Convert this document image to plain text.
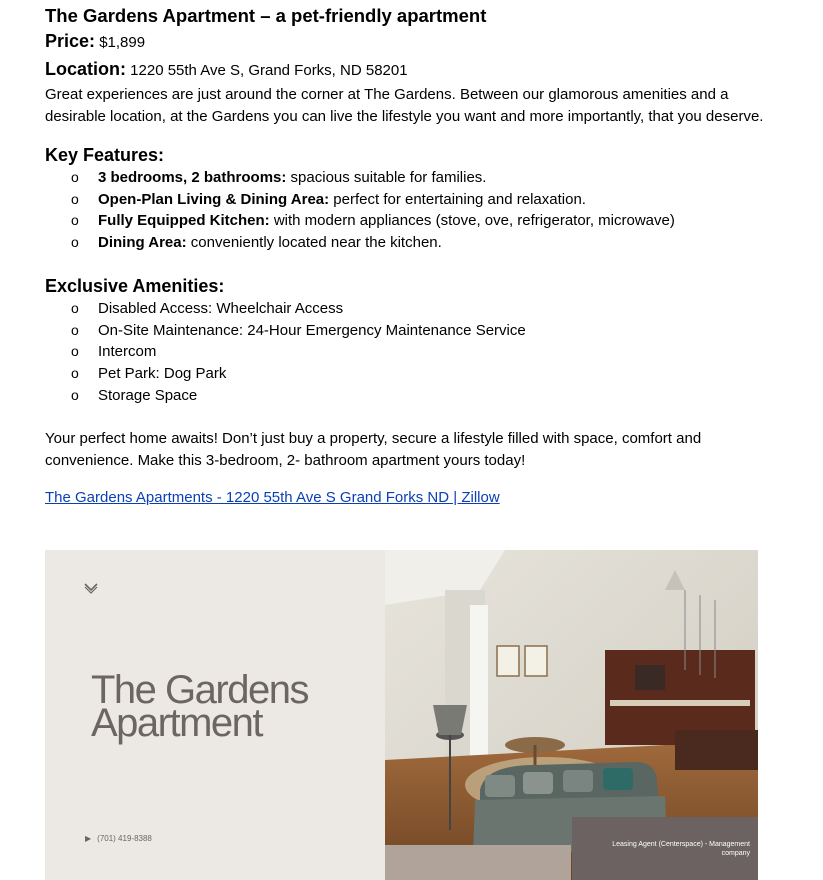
The Gardens Apartment – a pet-friendly apartment
Price: $1,899
Location: 1220 55th Ave S, Grand Forks, ND 58201

Great experiences are just around the corner at The Gardens. Between our glamorous amenities and a desirable location, at the Gardens you can live the lifestyle you want and more importantly, that you deserve.

Key Features:
o 3 bedrooms, 2 bathrooms: spacious suitable for families.
o Open-Plan Living & Dining Area: perfect for entertaining and relaxation.
o Fully Equipped Kitchen: with modern appliances (stove, ove, refrigerator, microwave)
o Dining Area: conveniently located near the kitchen.
Exclusive Amenities:
o Disabled Access: Wheelchair Access
o On-Site Maintenance: 24-Hour Emergency Maintenance Service
o Intercom
o Pet Park: Dog Park
o Storage Space

Your perfect home awaits! Don’t just buy a property, secure a lifestyle filled with space, comfort and convenience. Make this 3-bedroom, 2- bathroom apartment yours today!

The Gardens Apartments - 1220 55th Ave S Grand Forks ND | Zillow
The Gardens
Apartment
▶ (701) 419-8388
Leasing Agent (Centerspace) - Management company
